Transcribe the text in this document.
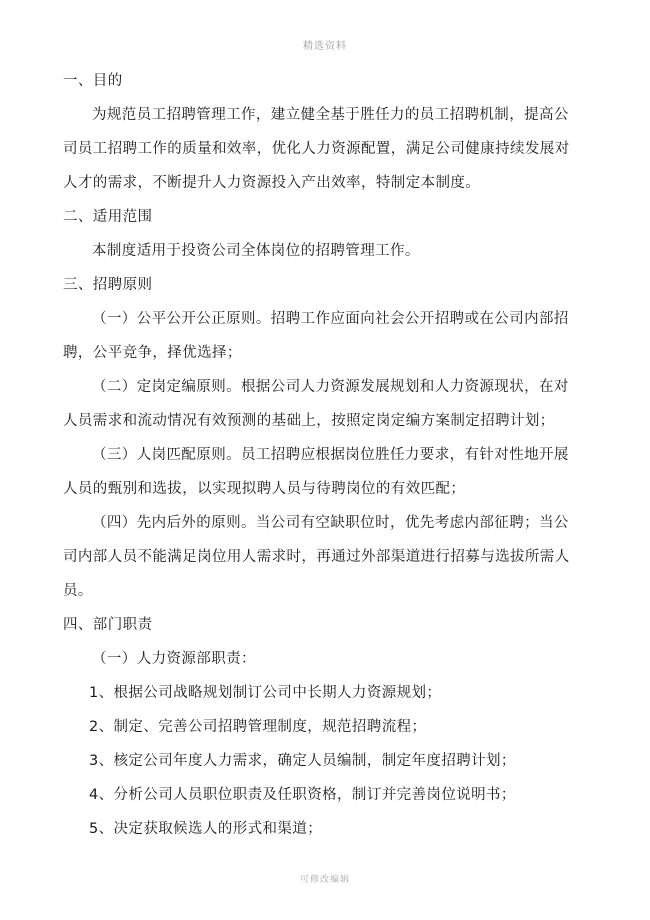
精选资料
一、目的
为规范员工招聘管理工作，建立健全基于胜任力的员工招聘机制，提高公
司员工招聘工作的质量和效率，优化人力资源配置，满足公司健康持续发展对
人才的需求，不断提升人力资源投入产出效率，特制定本制度。
二、适用范围
本制度适用于投资公司全体岗位的招聘管理工作。
三、招聘原则
（一）公平公开公正原则。招聘工作应面向社会公开招聘或在公司内部招
聘，公平竞争，择优选择；
（二）定岗定编原则。根据公司人力资源发展规划和人力资源现状，在对
人员需求和流动情况有效预测的基础上，按照定岗定编方案制定招聘计划；
（三）人岗匹配原则。员工招聘应根据岗位胜任力要求，有针对性地开展
人员的甄别和选拔，以实现拟聘人员与待聘岗位的有效匹配；
（四）先内后外的原则。当公司有空缺职位时，优先考虑内部征聘；当公
司内部人员不能满足岗位用人需求时，再通过外部渠道进行招募与选拔所需人
员。
四、部门职责
（一）人力资源部职责：
1、根据公司战略规划制订公司中长期人力资源规划；
2、制定、完善公司招聘管理制度，规范招聘流程；
3、核定公司年度人力需求，确定人员编制，制定年度招聘计划；
4、分析公司人员职位职责及任职资格，制订并完善岗位说明书；
5、决定获取候选人的形式和渠道；
可修改编辑
